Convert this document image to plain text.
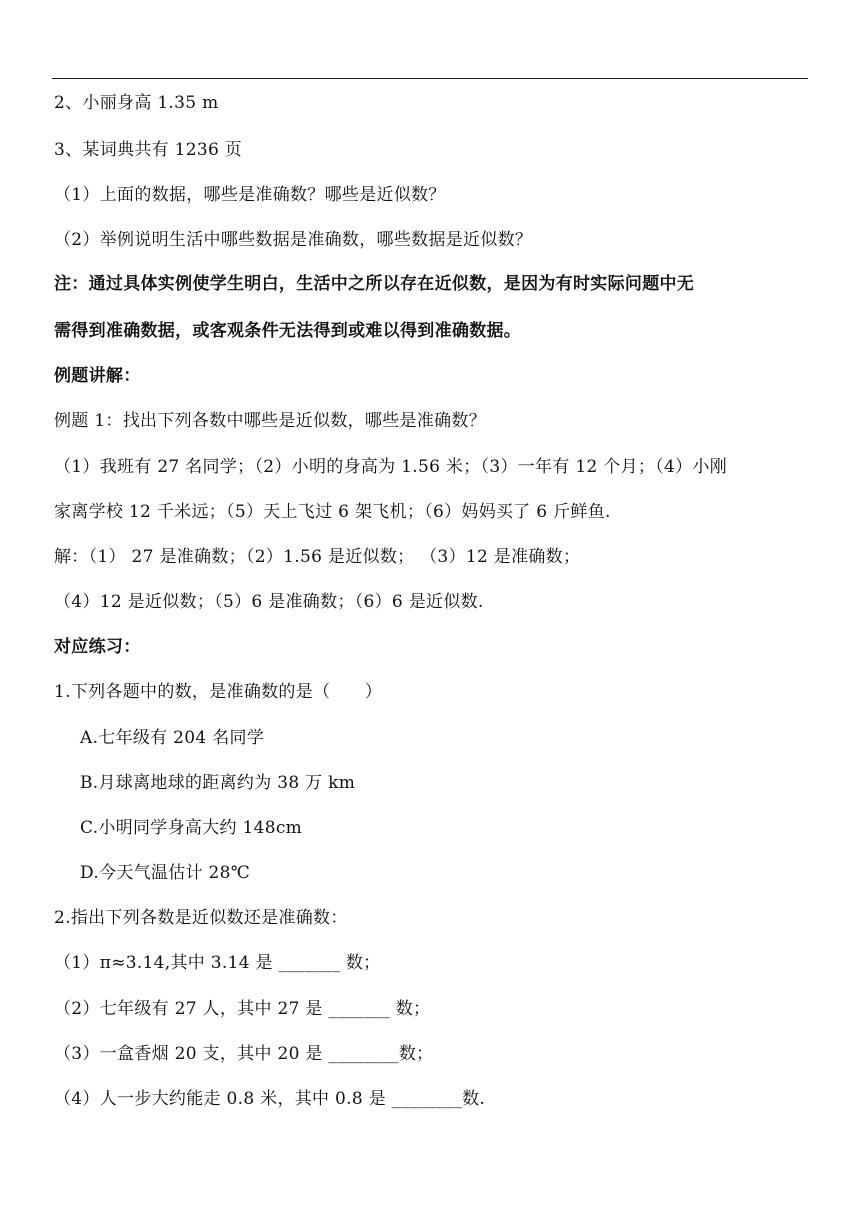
2、小丽身高 1.35 m
3、某词典共有 1236 页
（1）上面的数据，哪些是准确数？哪些是近似数？
（2）举例说明生活中哪些数据是准确数，哪些数据是近似数？
注：通过具体实例使学生明白，生活中之所以存在近似数，是因为有时实际问题中无
需得到准确数据，或客观条件无法得到或难以得到准确数据。
例题讲解：
例题 1：找出下列各数中哪些是近似数，哪些是准确数？
（1）我班有 27 名同学；（2）小明的身高为 1.56 米；（3）一年有 12 个月；（4）小刚
家离学校 12 千米远；（5）天上飞过 6 架飞机；（6）妈妈买了 6 斤鲜鱼.
解：（1） 27 是准确数；（2）1.56 是近似数； （3）12 是准确数；
（4）12 是近似数；（5）6 是准确数；（6）6 是近似数.
对应练习：
1.下列各题中的数，是准确数的是（　　）
A.七年级有 204 名同学
B.月球离地球的距离约为 38 万 km
C.小明同学身高大约 148cm
D.今天气温估计 28℃
2.指出下列各数是近似数还是准确数：
（1）π≈3.14,其中 3.14 是 _______ 数；
（2）七年级有 27 人，其中 27 是 _______ 数；
（3）一盒香烟 20 支，其中 20 是 ________数；
（4）人一步大约能走 0.8 米，其中 0.8 是 ________数.
